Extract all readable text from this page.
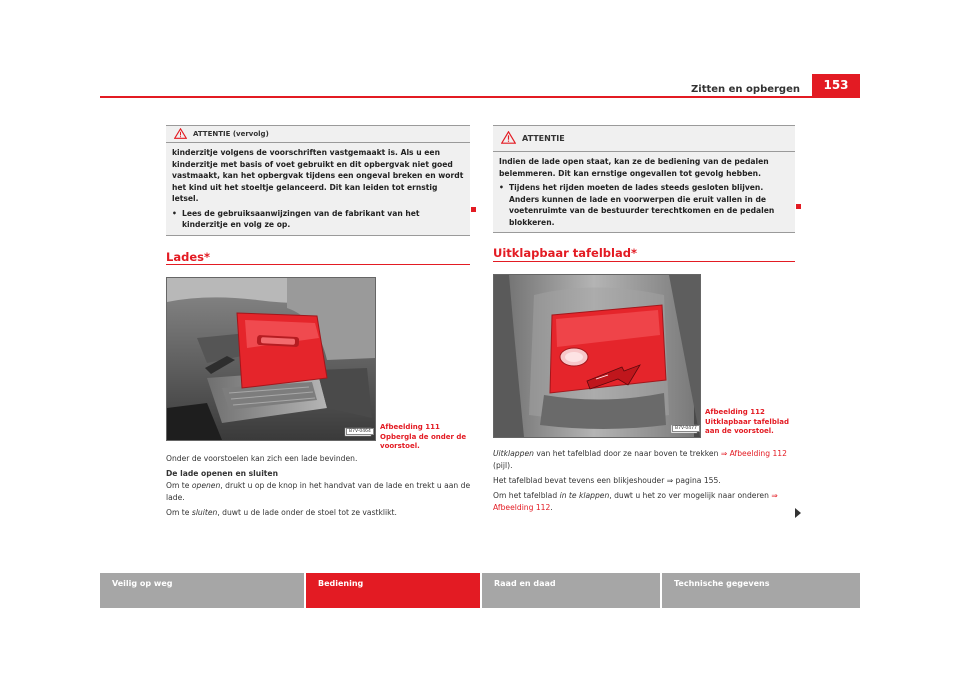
Zitten en opbergen	153
ATTENTIE (vervolg)

kinderzitje volgens de voorschriften vastgemaakt is. Als u een kinderzitje met basis of voet gebruikt en dit opbergvak niet goed vastmaakt, kan het opbergvak tijdens een ongeval breken en wordt het kind uit het stoeltje gelanceerd. Dit kan leiden tot ernstig letsel.

• Lees de gebruiksaanwijzingen van de fabrikant van het kinderzitje en volg ze op.
ATTENTIE

Indien de lade open staat, kan ze de bediening van de pedalen belemmeren. Dit kan ernstige ongevallen tot gevolg hebben.

• Tijdens het rijden moeten de lades steeds gesloten blijven. Anders kunnen de lade en voorwerpen die eruit vallen in de voetenruimte van de bestuurder terechtkomen en de pedalen blokkeren.
Lades*
B7V-0464
Afbeelding 111 Opbergla de onder de voorstoel.

Onder de voorstoelen kan zich een lade bevinden.

De lade openen en sluiten

Om te openen, drukt u op de knop in het handvat van de lade en trekt u aan de lade.

Om te sluiten, duwt u de lade onder de stoel tot ze vastklikt.

Uitklapbaar tafelblad*
B7V-0477
Afbeelding 112 Uitklapbaar tafelblad aan de voorstoel.

Uitklappen van het tafelblad door ze naar boven te trekken ⇒ Afbeelding 112 (pijl).

Het tafelblad bevat tevens een blikjeshouder ⇒ pagina 155.

Om het tafelblad in te klappen, duwt u het zo ver mogelijk naar onderen ⇒ Afbeelding 112.

Veilig op weg	Bediening	Raad en daad	Technische gegevens
